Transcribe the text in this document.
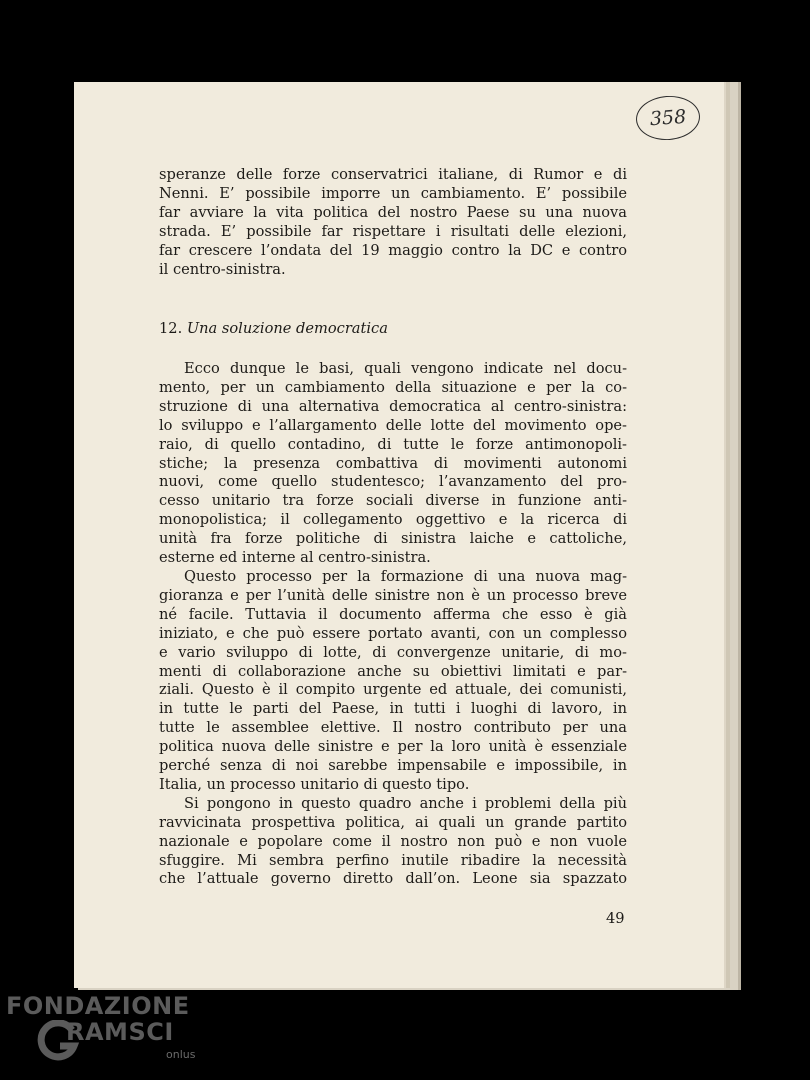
358

speranze delle forze conservatrici italiane, di Rumor e di

Nenni. E’ possibile imporre un cambiamento. E’ possibile

far avviare la vita politica del nostro Paese su una nuova

strada. E’ possibile far rispettare i risultati delle elezioni,

far crescere l’ondata del 19 maggio contro la DC e contro

il centro-sinistra.

12. Una soluzione democratica

Ecco dunque le basi, quali vengono indicate nel docu-

mento, per un cambiamento della situazione e per la co-

struzione di una alternativa democratica al centro-sinistra:

lo sviluppo e l’allargamento delle lotte del movimento ope-

raio, di quello contadino, di tutte le forze antimonopoli-

stiche; la presenza combattiva di movimenti autonomi

nuovi, come quello studentesco; l’avanzamento del pro-

cesso unitario tra forze sociali diverse in funzione anti-

monopolistica; il collegamento oggettivo e la ricerca di

unità fra forze politiche di sinistra laiche e cattoliche,

esterne ed interne al centro-sinistra.

Questo processo per la formazione di una nuova mag-

gioranza e per l’unità delle sinistre non è un processo breve

né facile. Tuttavia il documento afferma che esso è già

iniziato, e che può essere portato avanti, con un complesso

e vario sviluppo di lotte, di convergenze unitarie, di mo-

menti di collaborazione anche su obiettivi limitati e par-

ziali. Questo è il compito urgente ed attuale, dei comunisti,

in tutte le parti del Paese, in tutti i luoghi di lavoro, in

tutte le assemblee elettive. Il nostro contributo per una

politica nuova delle sinistre e per la loro unità è essenziale

perché senza di noi sarebbe impensabile e impossibile, in

Italia, un processo unitario di questo tipo.

Si pongono in questo quadro anche i problemi della più

ravvicinata prospettiva politica, ai quali un grande partito

nazionale e popolare come il nostro non può e non vuole

sfuggire. Mi sembra perfino inutile ribadire la necessità

che l’attuale governo diretto dall’on. Leone sia spazzato

49
FONDAZIONE
RAMSCI
onlus
